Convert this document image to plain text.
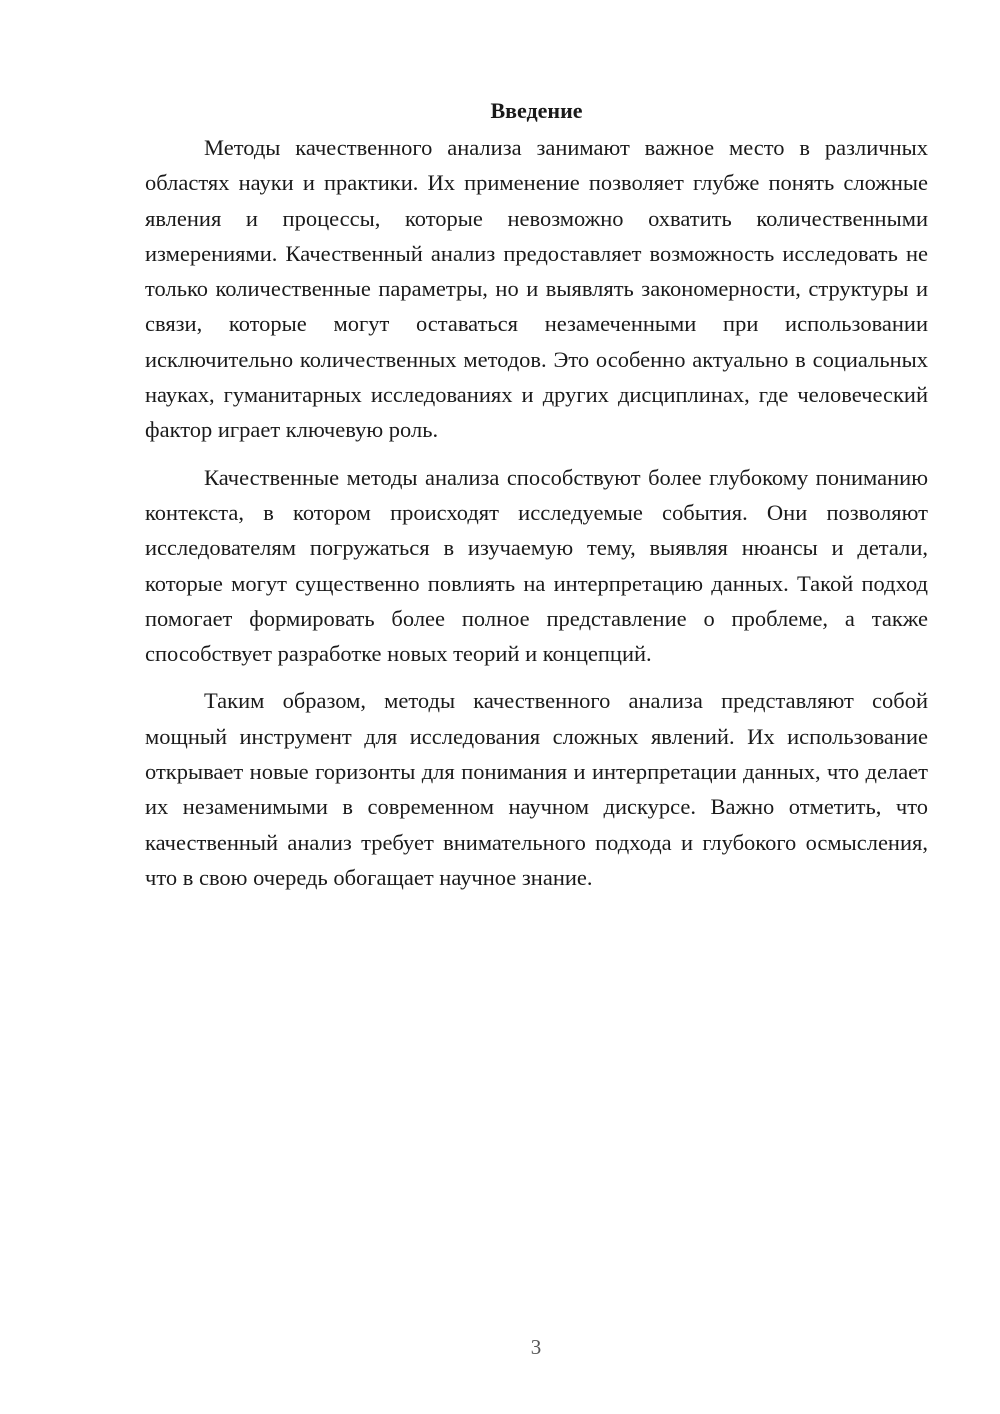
Введение

Методы качественного анализа занимают важное место в различных областях науки и практики. Их применение позволяет глубже понять сложные явления и процессы, которые невозможно охватить количественными измерениями. Качественный анализ предоставляет возможность исследовать не только количественные параметры, но и выявлять закономерности, структуры и связи, которые могут оставаться незамеченными при использовании исключительно количественных методов. Это особенно актуально в социальных науках, гуманитарных исследованиях и других дисциплинах, где человеческий фактор играет ключевую роль.

Качественные методы анализа способствуют более глубокому пониманию контекста, в котором происходят исследуемые события. Они позволяют исследователям погружаться в изучаемую тему, выявляя нюансы и детали, которые могут существенно повлиять на интерпретацию данных. Такой подход помогает формировать более полное представление о проблеме, а также способствует разработке новых теорий и концепций.

Таким образом, методы качественного анализа представляют собой мощный инструмент для исследования сложных явлений. Их использование открывает новые горизонты для понимания и интерпретации данных, что делает их незаменимыми в современном научном дискурсе. Важно отметить, что качественный анализ требует внимательного подхода и глубокого осмысления, что в свою очередь обогащает научное знание.

3
